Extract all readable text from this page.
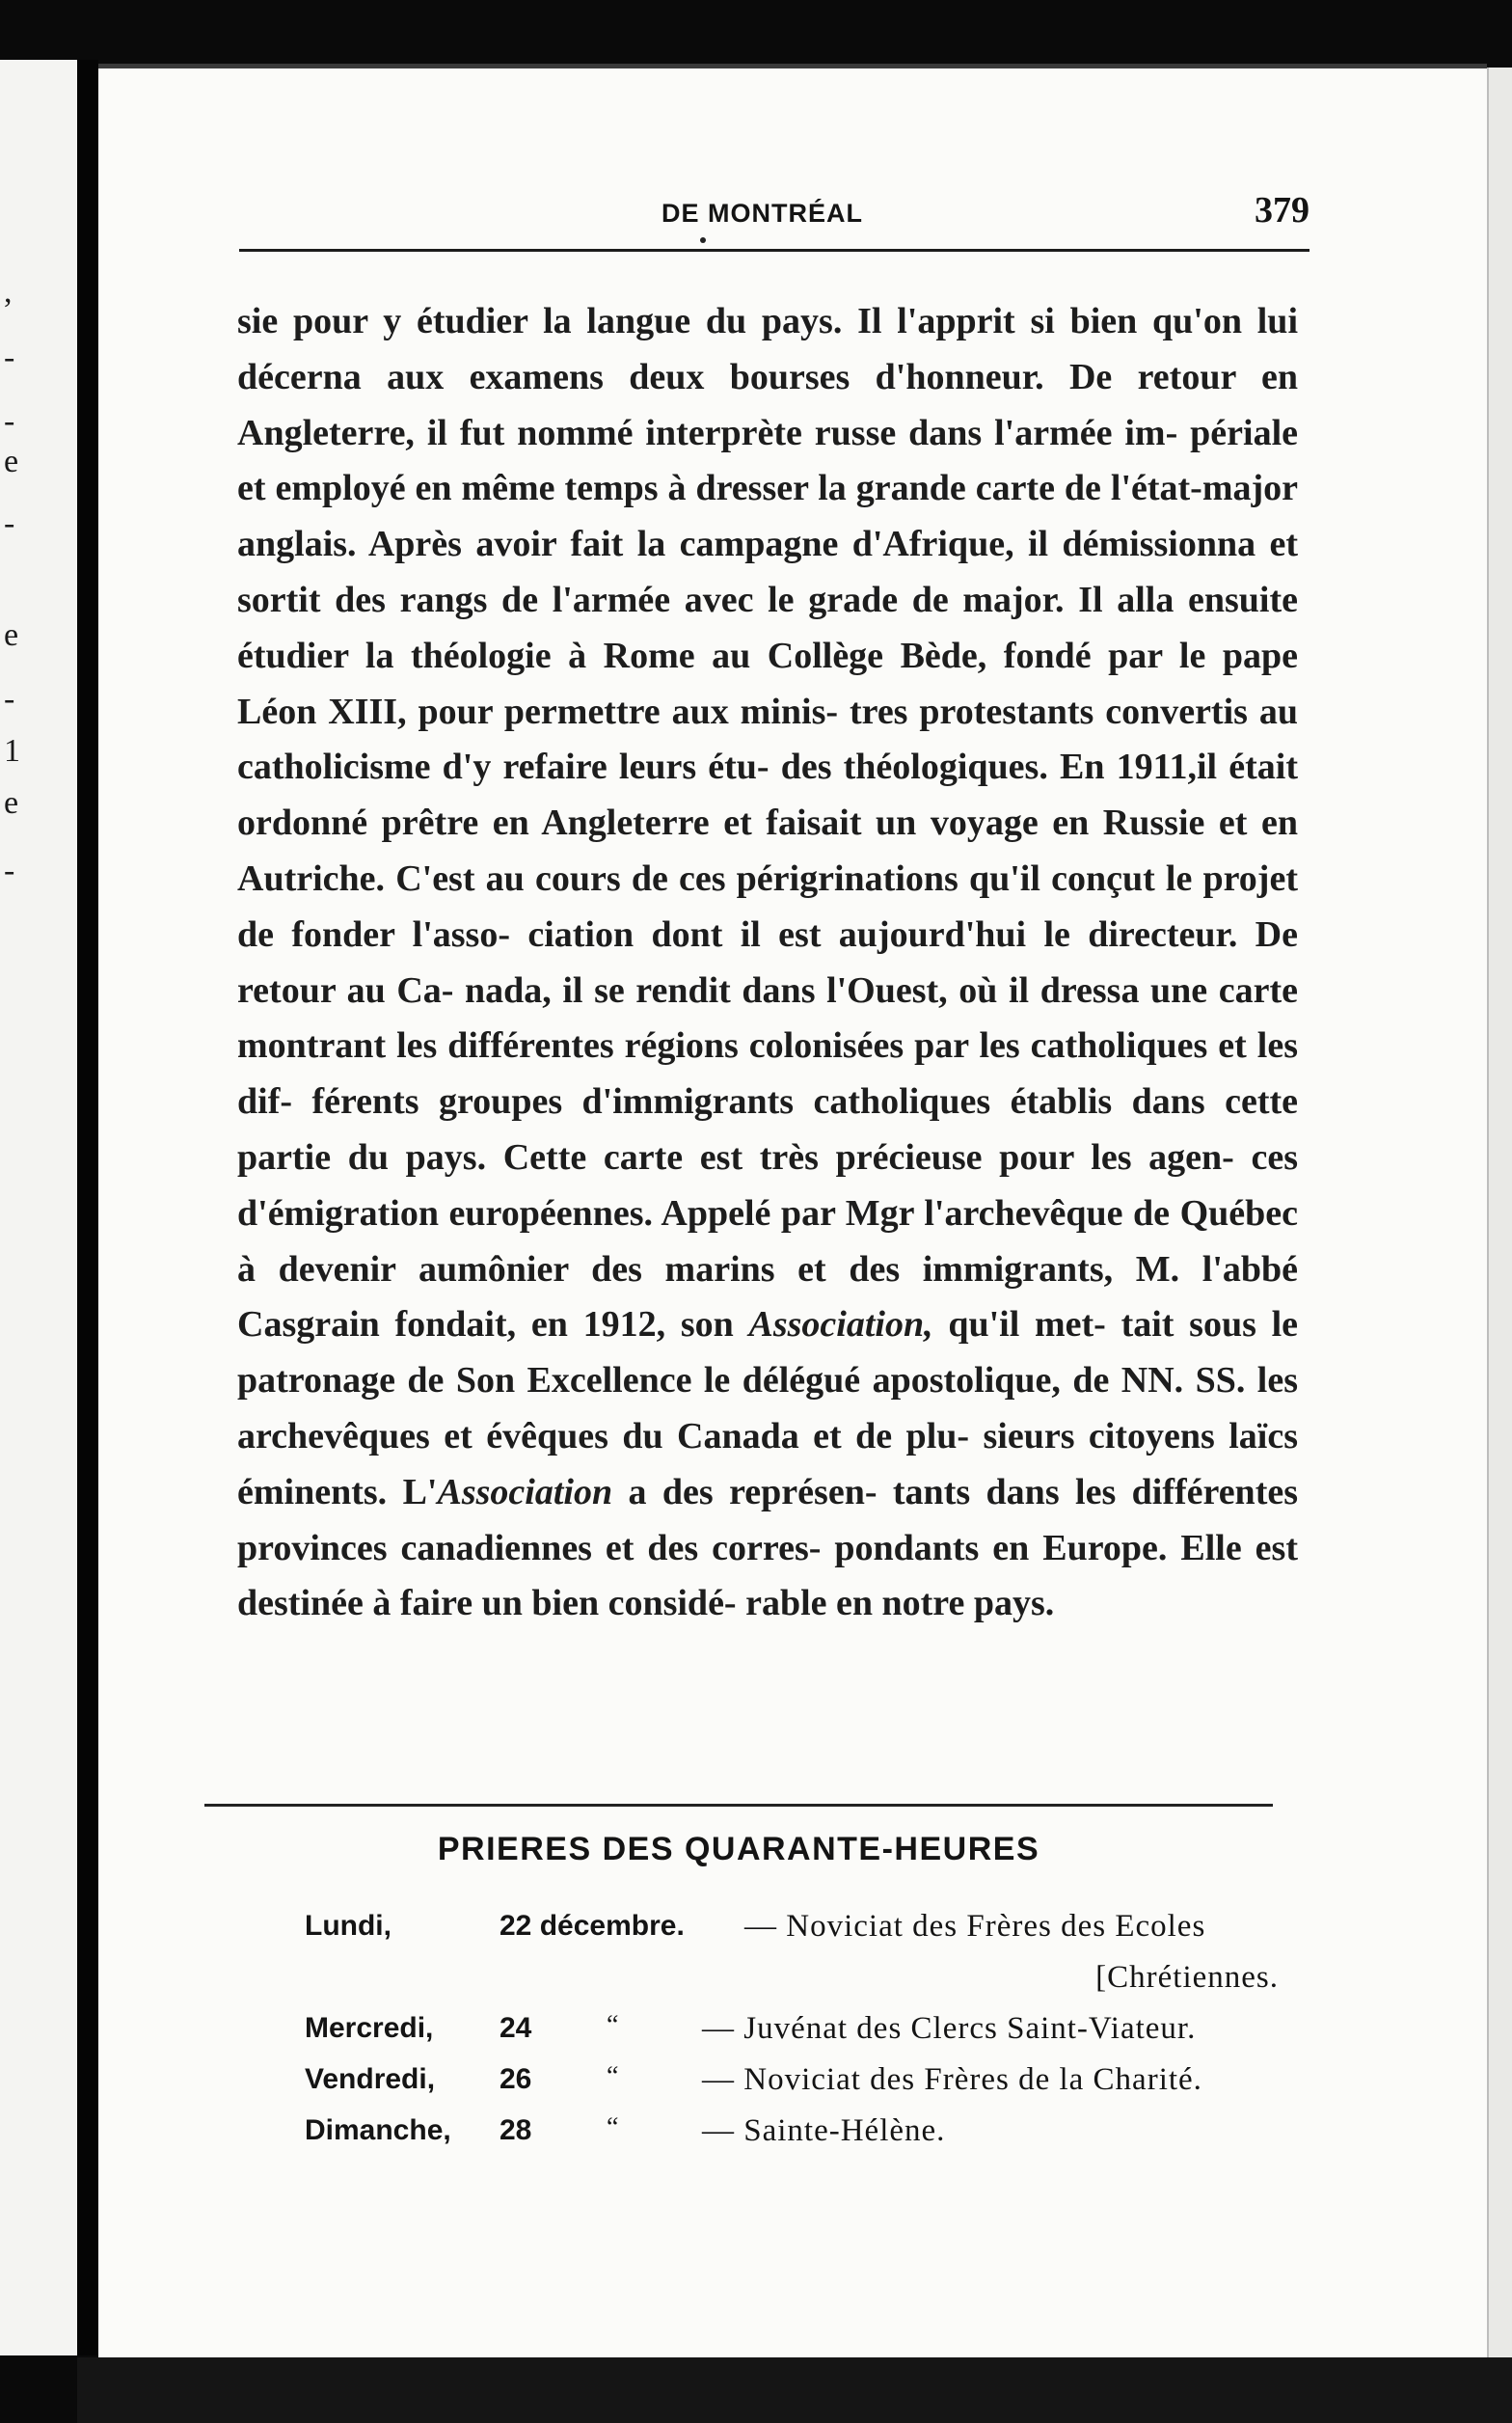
,
-
-
e
-
e
-
1
e
-
DE MONTRÉAL	379

sie pour y étudier la langue du pays. Il l'apprit si bien qu'on lui décerna aux examens deux bourses d'honneur. De retour en Angleterre, il fut nommé interprète russe dans l'armée im- périale et employé en même temps à dresser la grande carte de l'état-major anglais. Après avoir fait la campagne d'Afrique, il démissionna et sortit des rangs de l'armée avec le grade de major. Il alla ensuite étudier la théologie à Rome au Collège Bède, fondé par le pape Léon XIII, pour permettre aux minis- tres protestants convertis au catholicisme d'y refaire leurs étu- des théologiques. En 1911,il était ordonné prêtre en Angleterre et faisait un voyage en Russie et en Autriche. C'est au cours de ces périgrinations qu'il conçut le projet de fonder l'asso- ciation dont il est aujourd'hui le directeur. De retour au Ca- nada, il se rendit dans l'Ouest, où il dressa une carte montrant les différentes régions colonisées par les catholiques et les dif- férents groupes d'immigrants catholiques établis dans cette partie du pays. Cette carte est très précieuse pour les agen- ces d'émigration européennes. Appelé par Mgr l'archevêque de Québec à devenir aumônier des marins et des immigrants, M. l'abbé Casgrain fondait, en 1912, son Association, qu'il met- tait sous le patronage de Son Excellence le délégué apostolique, de NN. SS. les archevêques et évêques du Canada et de plu- sieurs citoyens laïcs éminents. L'Association a des représen- tants dans les différentes provinces canadiennes et des corres- pondants en Europe. Elle est destinée à faire un bien considé- rable en notre pays.

PRIERES DES QUARANTE-HEURES
Lundi,	22 décembre. — Noviciat des Frères des Ecoles
[Chrétiennes.
Mercredi, 24	“	— Juvénat des Clercs Saint-Viateur.
Vendredi, 26	“	— Noviciat des Frères de la Charité.
Dimanche, 28	“	— Sainte-Hélène.
